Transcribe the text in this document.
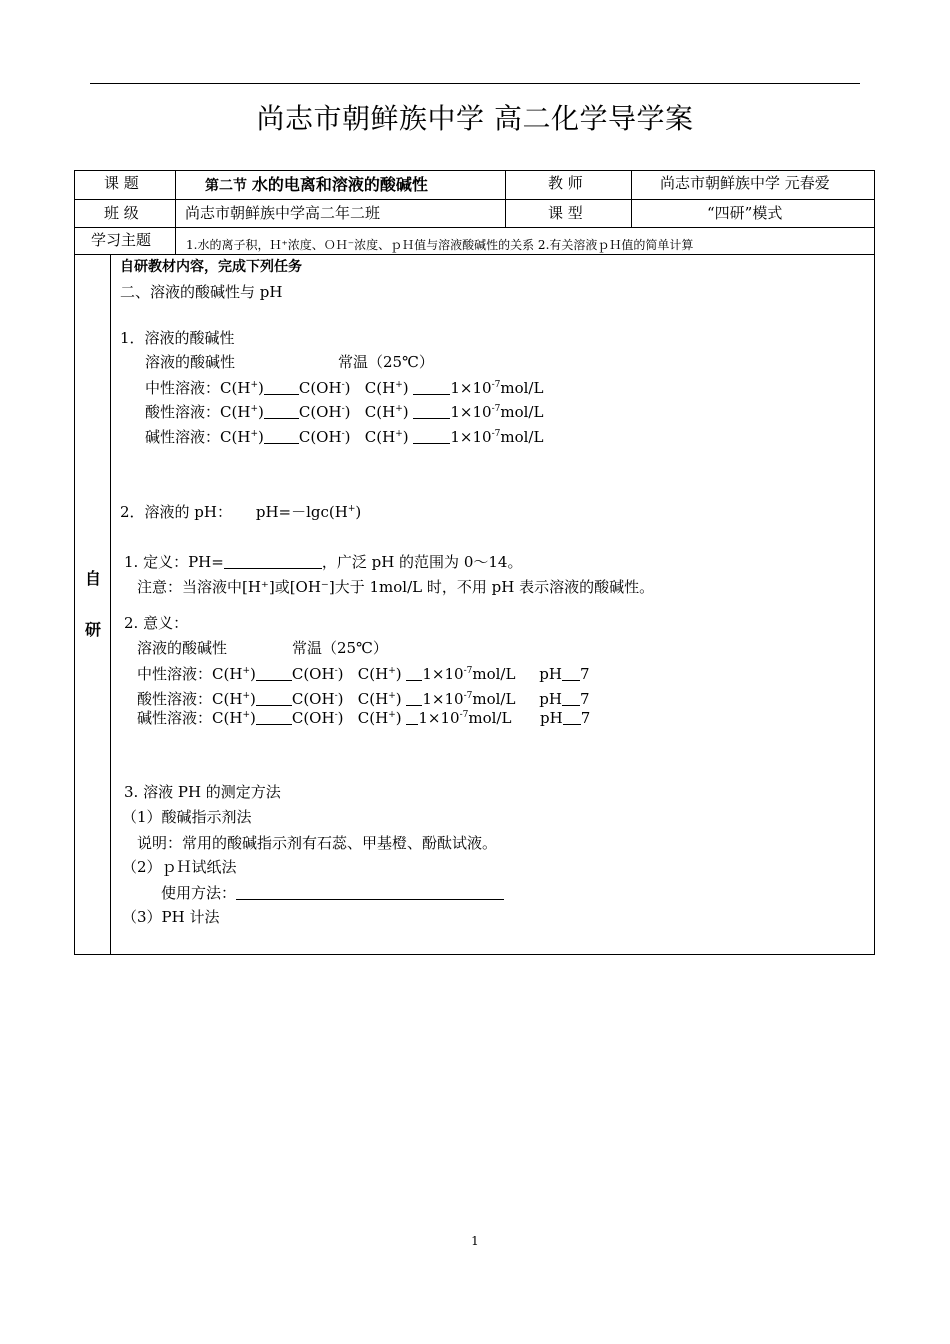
尚志市朝鲜族中学 高二化学导学案
课 题	第二节 水的电离和溶液的酸碱性	教 师	尚志市朝鲜族中学 元春爱
班 级	尚志市朝鲜族中学高二年二班	课 型	“四研”模式
学习主题	1.水的离子积，Ｈ⁺浓度、ＯＨ⁻浓度、ｐＨ值与溶液酸碱性的关系 2.有关溶液ｐＨ值的简单计算
自
研
自研教材内容，完成下列任务
二、溶液的酸碱性与 pH
1．溶液的酸碱性
溶液的酸碱性	常温（25℃）
中性溶液：C(H+) C(OH-)   C(H+) $1\times 10^{-7}mol/L$
酸性溶液：C(H+) C(OH-)   C(H+) $1\times 10^{-7}mol/L$
碱性溶液：C(H+) C(OH-)   C(H+) $1\times 10^{-7}mol/L$
2．溶液的 pH： pH=－lgc(H+)
1. 定义：PH=	，广泛 pH 的范围为 0～14。
注意：当溶液中[H⁺]或[OH⁻]大于 1mol/L 时，不用 pH 表示溶液的酸碱性。
2. 意义：
溶液的酸碱性	常温（25℃）
中性溶液：C(H+) C(OH-)   C(H+) $1\times 10^{-7}mol/L$ pH 7
酸性溶液：C(H+) C(OH-)   C(H+) $1\times 10^{-7}mol/L$ pH 7
碱性溶液：C(H+) C(OH-)   C(H+) $1\times 10^{-7}mol/L$ pH 7
3. 溶液 PH 的测定方法
（1）酸碱指示剂法
说明：常用的酸碱指示剂有石蕊、甲基橙、酚酞试液。
（2）ｐＨ试纸法
使用方法：
（3）PH 计法
1
